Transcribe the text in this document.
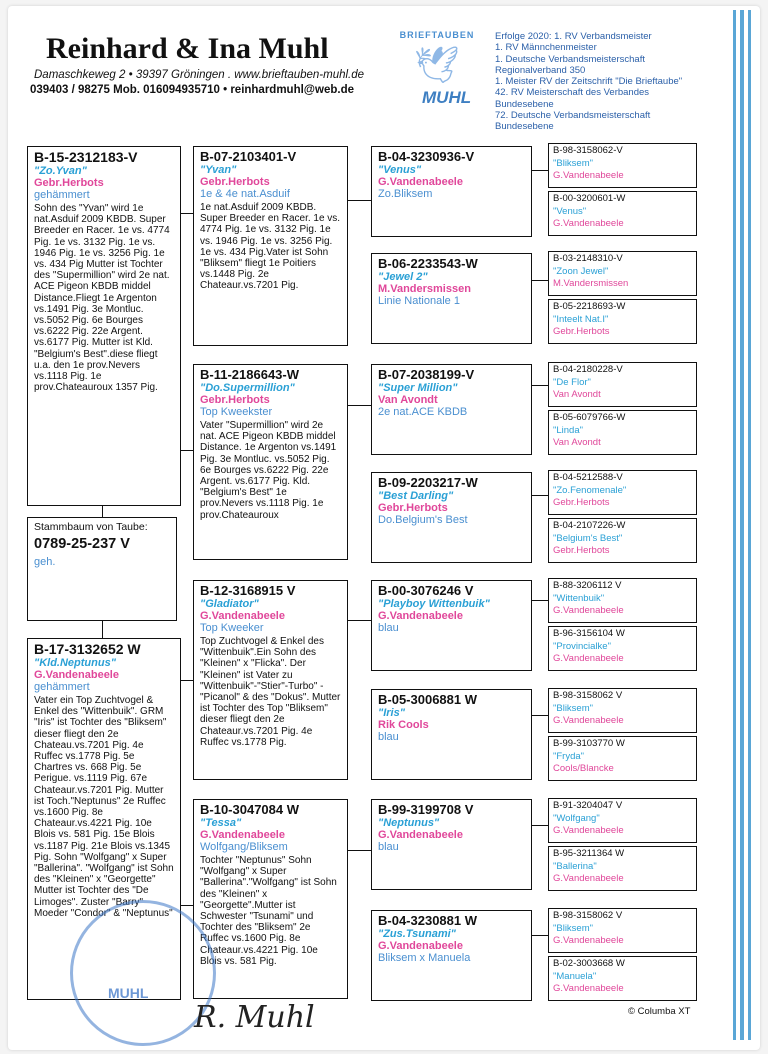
Reinhard & Ina Muhl
Damaschkeweg 2 • 39397 Gröningen . www.brieftauben-muhl.de
039403 / 98275 Mob. 016094935710 • reinhardmuhl@web.de
BRIEFTAUBEN
🕊
MUHL
Erfolge 2020: 1. RV Verbandsmeister
1. RV Männchenmeister
1. Deutsche Verbandsmeisterschaft
Regionalverband 350
1. Meister RV der Zeitschrift "Die Brieftaube"
42. RV Meisterschaft des Verbandes
Bundesebene
72. Deutsche Verbandsmeisterschaft
Bundesebene
B-15-2312183-V
"Zo.Yvan"
Gebr.Herbots
gehämmert
Sohn des "Yvan" wird 1e nat.Asduif 2009 KBDB. Super Breeder en Racer. 1e vs. 4774 Pig. 1e vs. 3132 Pig. 1e vs. 1946 Pig. 1e vs. 3256 Pig. 1e vs. 434 Pig Mutter ist Tochter des "Supermillion" wird 2e nat. ACE Pigeon KBDB middel Distance.Fliegt 1e Argenton vs.1491 Pig. 3e Montluc. vs.5052 Pig. 6e Bourges vs.6222 Pig. 22e Argent. vs.6177 Pig. Mutter ist Kld. "Belgium's Best".diese fliegt u.a. den 1e prov.Nevers vs.1118 Pig. 1e prov.Chateauroux 1357 Pig.
Stammbaum von Taube:
0789-25-237 V
geh.
B-17-3132652 W
"Kld.Neptunus"
G.Vandenabeele
gehämmert
Vater ein Top Zuchtvogel & Enkel des "Wittenbuik". GRM "Iris" ist Tochter des "Bliksem" dieser fliegt den 2e Chateau.vs.7201 Pig. 4e Ruffec vs.1778 Pig. 5e Chartres vs. 668 Pig. 5e Perigue. vs.1119 Pig. 67e Chateaur.vs.7201 Pig. Mutter ist Toch."Neptunus" 2e Ruffec vs.1600 Pig. 8e Chateaur.vs.4221 Pig. 10e Blois vs. 581 Pig. 15e Blois vs.1187 Pig. 21e Blois vs.1345 Pig. Sohn "Wolfgang" x Super "Ballerina". "Wolfgang" ist Sohn des "Kleinen" x "Georgette" Mutter ist Tochter des "De Limoges". Zuster "Barry" Moeder "Condor" & "Neptunus"
B-07-2103401-V
"Yvan"
Gebr.Herbots
1e & 4e nat.Asduif
1e nat.Asduif 2009 KBDB. Super Breeder en Racer. 1e vs. 4774 Pig. 1e vs. 3132 Pig. 1e vs. 1946 Pig. 1e vs. 3256 Pig. 1e vs. 434 Pig.Vater ist Sohn "Bliksem" fliegt 1e Poitiers vs.1448 Pig. 2e Chateaur.vs.7201 Pig.
B-11-2186643-W
"Do.Supermillion"
Gebr.Herbots
Top Kweekster
Vater "Supermillion" wird 2e nat. ACE Pigeon KBDB middel Distance. 1e Argenton vs.1491 Pig. 3e Montluc. vs.5052 Pig. 6e Bourges vs.6222 Pig. 22e Argent. vs.6177 Pig. Kld. "Belgium's Best" 1e prov.Nevers vs.1118 Pig. 1e prov.Chateauroux
B-12-3168915 V
"Gladiator"
G.Vandenabeele
Top Kweeker
Top Zuchtvogel & Enkel des "Wittenbuik".Ein Sohn des "Kleinen" x "Flicka". Der "Kleinen" ist Vater zu "Wittenbuik"-"Stier"-Turbo" -"Picanol" & des "Dokus". Mutter ist Tochter des Top "Bliksem" dieser fliegt den 2e Chateaur.vs.7201 Pig. 4e Ruffec vs.1778 Pig.
B-10-3047084 W
"Tessa"
G.Vandenabeele
Wolfgang/Bliksem
Tochter "Neptunus" Sohn "Wolfgang" x Super "Ballerina"."Wolfgang" ist Sohn des "Kleinen" x "Georgette".Mutter ist Schwester "Tsunami" und Tochter des "Bliksem" 2e Ruffec vs.1600 Pig. 8e Chateaur.vs.4221 Pig. 10e Blois vs. 581 Pig.
B-04-3230936-V
"Venus"
G.Vandenabeele
Zo.Bliksem
B-06-2233543-W
"Jewel 2"
M.Vandersmissen
Linie Nationale 1
B-07-2038199-V
"Super Million"
Van Avondt
2e nat.ACE KBDB
B-09-2203217-W
"Best Darling"
Gebr.Herbots
Do.Belgium's Best
B-00-3076246 V
"Playboy Wittenbuik"
G.Vandenabeele
blau
B-05-3006881 W
"Iris"
Rik Cools
blau
B-99-3199708 V
"Neptunus"
G.Vandenabeele
blau
B-04-3230881 W
"Zus.Tsunami"
G.Vandenabeele
Bliksem x Manuela
B-98-3158062-V
"Bliksem"
G.Vandenabeele
B-00-3200601-W
"Venus"
G.Vandenabeele
B-03-2148310-V
"Zoon Jewel"
M.Vandersmissen
B-05-2218693-W
"Inteelt Nat.I"
Gebr.Herbots
B-04-2180228-V
"De Flor"
Van Avondt
B-05-6079766-W
"Linda"
Van Avondt
B-04-5212588-V
"Zo.Fenomenale"
Gebr.Herbots
B-04-2107226-W
"Belgium's Best"
Gebr.Herbots
B-88-3206112 V
"Wittenbuik"
G.Vandenabeele
B-96-3156104 W
"Provincialke"
G.Vandenabeele
B-98-3158062 V
"Bliksem"
G.Vandenabeele
B-99-3103770 W
"Fryda"
Cools/Blancke
B-91-3204047 V
"Wolfgang"
G.Vandenabeele
B-95-3211364 W
"Ballerina"
G.Vandenabeele
B-98-3158062 V
"Bliksem"
G.Vandenabeele
B-02-3003668 W
"Manuela"
G.Vandenabeele
MUHL
R. Muhl	© Columba XT
